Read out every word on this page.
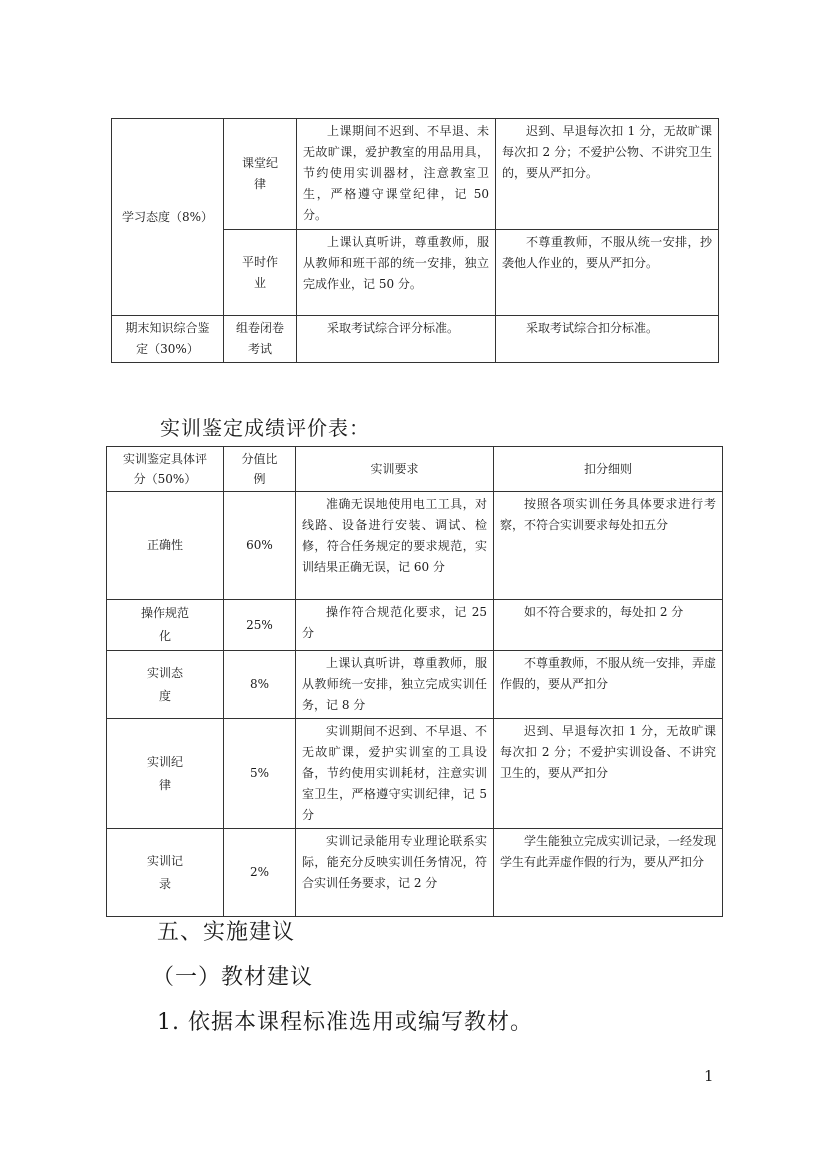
学习态度（8%）	课堂纪律	上课期间不迟到、不早退、未无故旷课，爱护教室的用品用具，节约使用实训器材，注意教室卫生，严格遵守课堂纪律，记 50 分。	迟到、早退每次扣 1 分，无故旷课每次扣 2 分；不爱护公物、不讲究卫生的，要从严扣分。
	平时作业	上课认真听讲，尊重教师，服从教师和班干部的统一安排，独立完成作业，记 50 分。	不尊重教师，不服从统一安排，抄袭他人作业的，要从严扣分。
期末知识综合鉴定（30%）	组卷闭卷考试	采取考试综合评分标准。	采取考试综合扣分标准。
实训鉴定成绩评价表：
实训鉴定具体评分（50%）	分值比例	实训要求	扣分细则
正确性	60%	准确无误地使用电工工具，对线路、设备进行安装、调试、检修，符合任务规定的要求规范，实训结果正确无误，记 60 分	按照各项实训任务具体要求进行考察，不符合实训要求每处扣五分
操作规范化	25%	操作符合规范化要求，记 25 分	如不符合要求的，每处扣 2 分
实训态度	8%	上课认真听讲，尊重教师，服从教师统一安排，独立完成实训任务，记 8 分	不尊重教师，不服从统一安排，弄虚作假的，要从严扣分
实训纪律	5%	实训期间不迟到、不早退、不无故旷课，爱护实训室的工具设备，节约使用实训耗材，注意实训室卫生，严格遵守实训纪律，记 5 分	迟到、早退每次扣 1 分，无故旷课每次扣 2 分；不爱护实训设备、不讲究卫生的，要从严扣分
实训记录	2%	实训记录能用专业理论联系实际，能充分反映实训任务情况，符合实训任务要求，记 2 分	学生能独立完成实训记录，一经发现学生有此弄虚作假的行为，要从严扣分
五、实施建议
（一）教材建议
1. 依据本课程标准选用或编写教材。
1
